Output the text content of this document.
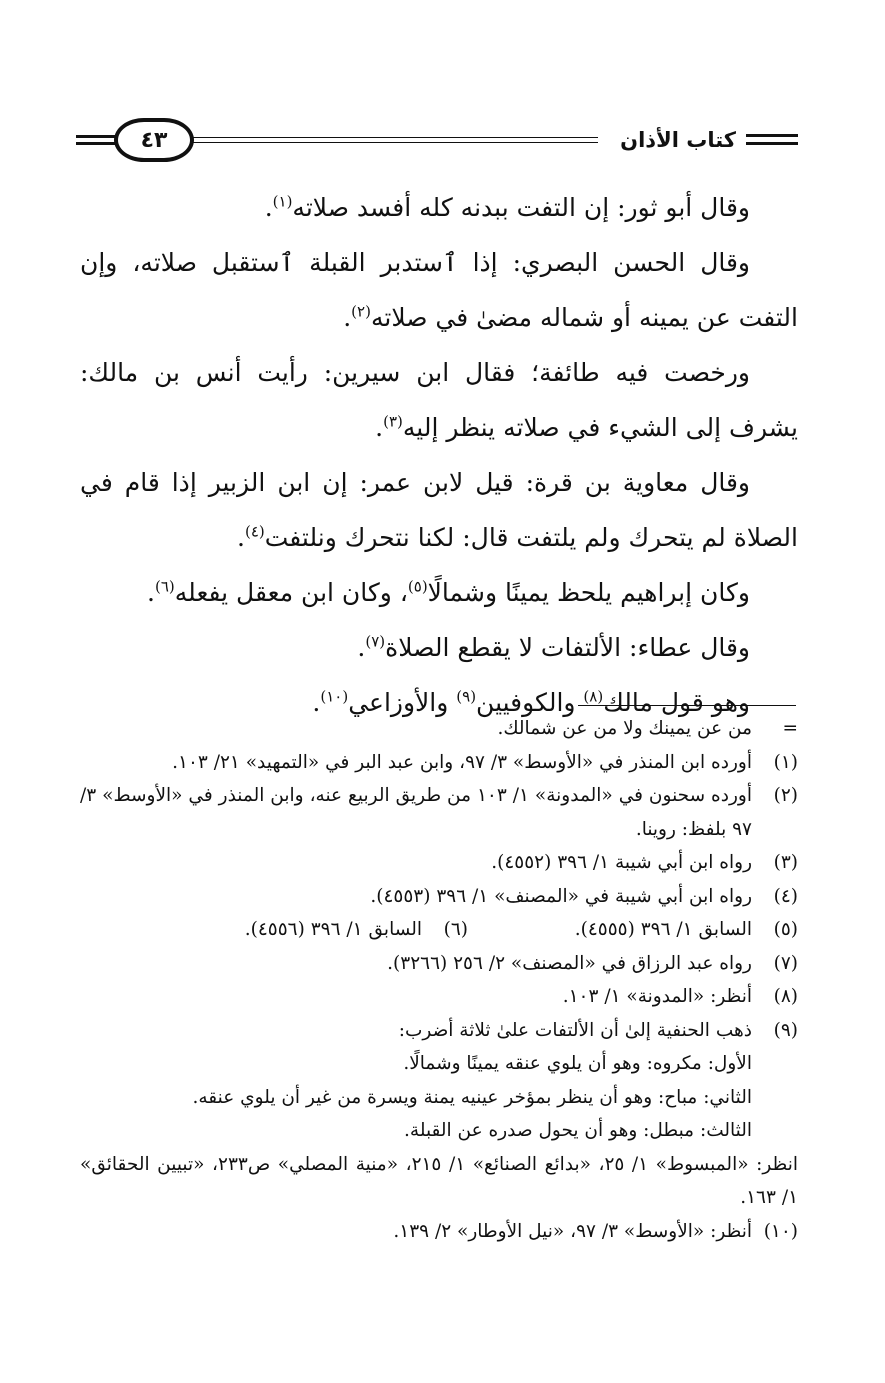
٤٣	كتاب الأذان

وقال أبو ثور: إن التفت ببدنه كله أفسد صلاته$^{(١)}$.

وقال الحسن البصري: إذا ٱستدبر القبلة ٱستقبل صلاته، وإن التفت عن يمينه أو شماله مضىٰ في صلاته$^{(٢)}$.

ورخصت فيه طائفة؛ فقال ابن سيرين: رأيت أنس بن مالك: يشرف إلى الشيء في صلاته ينظر إليه$^{(٣)}$.

وقال معاوية بن قرة: قيل لابن عمر: إن ابن الزبير إذا قام في الصلاة لم يتحرك ولم يلتفت قال: لكنا نتحرك ونلتفت$^{(٤)}$.

وكان إبراهيم يلحظ يمينًا وشمالًا$^{(٥)}$، وكان ابن معقل يفعله$^{(٦)}$.

وقال عطاء: الألتفات لا يقطع الصلاة$^{(٧)}$.

وهو قول مالك$^{(٨)}$ والكوفيين$^{(٩)}$ والأوزاعي$^{(١٠)}$.

=
من عن يمينك ولا من عن شمالك.
(١)
أورده ابن المنذر في «الأوسط» ٣/ ٩٧، وابن عبد البر في «التمهيد» ٢١/ ١٠٣.
(٢)
أورده سحنون في «المدونة» ١/ ١٠٣ من طريق الربيع عنه، وابن المنذر في «الأوسط» ٣/ ٩٧ بلفظ: روينا.
(٣)
رواه ابن أبي شيبة ١/ ٣٩٦ (٤٥٥٢).
(٤)
رواه ابن أبي شيبة في «المصنف» ١/ ٣٩٦ (٤٥٥٣).
(٥)
السابق ١/ ٣٩٦ (٤٥٥٥).
(٦)
السابق ١/ ٣٩٦ (٤٥٥٦).
(٧)
رواه عبد الرزاق في «المصنف» ٢/ ٢٥٦ (٣٢٦٦).
(٨)
أنظر: «المدونة» ١/ ١٠٣.
(٩)
ذهب الحنفية إلىٰ أن الألتفات علىٰ ثلاثة أضرب:
الأول: مكروه: وهو أن يلوي عنقه يمينًا وشمالًا.
الثاني: مباح: وهو أن ينظر بمؤخر عينيه يمنة ويسرة من غير أن يلوي عنقه.
الثالث: مبطل: وهو أن يحول صدره عن القبلة.
انظر: «المبسوط» ١/ ٢٥، «بدائع الصنائع» ١/ ٢١٥، «منية المصلي» ص٢٣٣، «تبيين الحقائق» ١/ ١٦٣.
(١٠)
أنظر: «الأوسط» ٣/ ٩٧، «نيل الأوطار» ٢/ ١٣٩.
